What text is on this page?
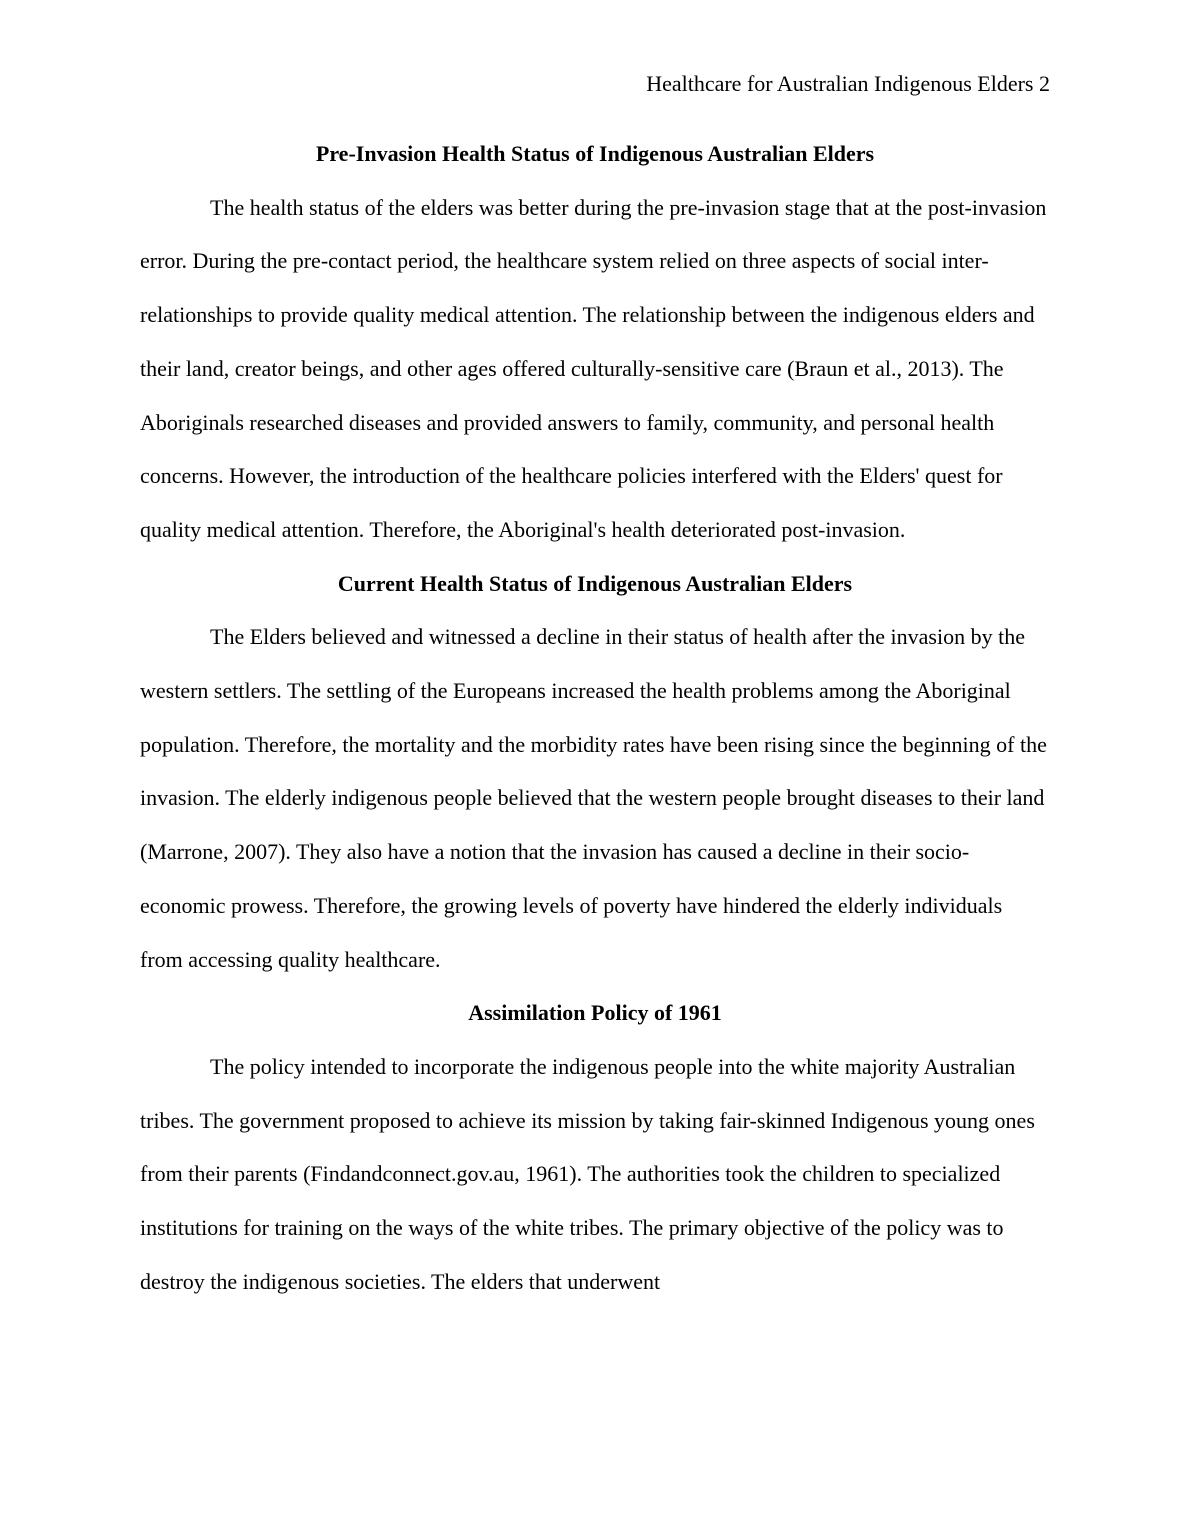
Healthcare for Australian Indigenous Elders 2
Pre-Invasion Health Status of Indigenous Australian Elders

The health status of the elders was better during the pre-invasion stage that at the post-invasion error. During the pre-contact period, the healthcare system relied on three aspects of social inter-relationships to provide quality medical attention. The relationship between the indigenous elders and their land, creator beings, and other ages offered culturally-sensitive care (Braun et al., 2013). The Aboriginals researched diseases and provided answers to family, community, and personal health concerns. However, the introduction of the healthcare policies interfered with the Elders' quest for quality medical attention. Therefore, the Aboriginal's health deteriorated post-invasion.

Current Health Status of Indigenous Australian Elders

The Elders believed and witnessed a decline in their status of health after the invasion by the western settlers. The settling of the Europeans increased the health problems among the Aboriginal population. Therefore, the mortality and the morbidity rates have been rising since the beginning of the invasion. The elderly indigenous people believed that the western people brought diseases to their land (Marrone, 2007). They also have a notion that the invasion has caused a decline in their socio-economic prowess. Therefore, the growing levels of poverty have hindered the elderly individuals from accessing quality healthcare.

Assimilation Policy of 1961

The policy intended to incorporate the indigenous people into the white majority Australian tribes. The government proposed to achieve its mission by taking fair-skinned Indigenous young ones from their parents (Findandconnect.gov.au, 1961). The authorities took the children to specialized institutions for training on the ways of the white tribes. The primary objective of the policy was to destroy the indigenous societies. The elders that underwent
